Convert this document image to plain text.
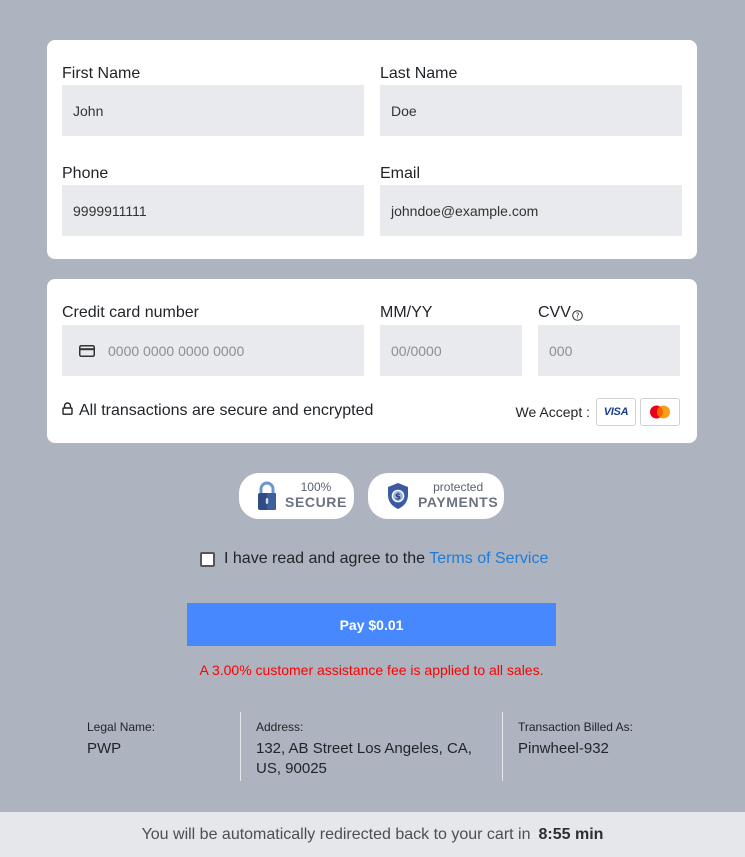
First Name
John
Last Name
Doe
Phone
9999911111
Email
johndoe@example.com
Credit card number
0000 0000 0000 0000
MM/YY
00/0000
CVV ?
000
All transactions are secure and encrypted	We Accept : VISA
100%
SECURE	$
protected
PAYMENTS
I have read and agree to the Terms of Service
Pay $0.01
A 3.00% customer assistance fee is applied to all sales.
Legal Name:
PWP
Address:
132, AB Street Los Angeles, CA, US, 90025
Transaction Billed As:
Pinwheel-932
You will be automatically redirected back to your cart in 8:55 min
